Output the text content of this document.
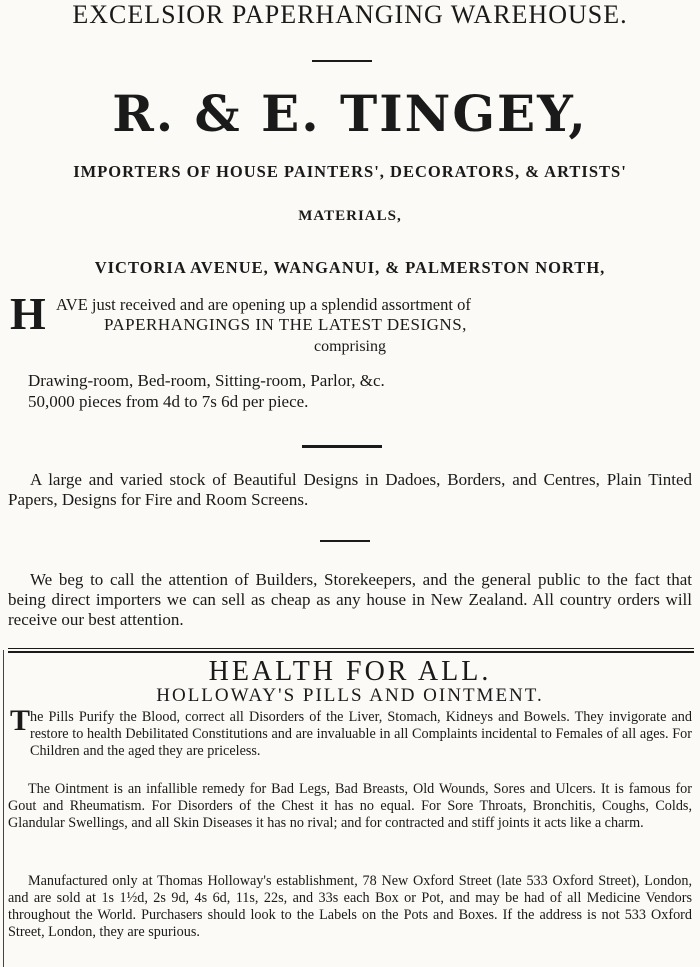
EXCELSIOR PAPERHANGING WAREHOUSE.
R. & E. TINGEY,
IMPORTERS OF HOUSE PAINTERS', DECORATORS, & ARTISTS'
MATERIALS,
VICTORIA AVENUE, WANGANUI, & PALMERSTON NORTH,
H AVE just received and are opening up a splendid assortment of
PAPERHANGINGS IN THE LATEST DESIGNS,
comprising
Drawing-room, Bed-room, Sitting-room, Parlor, &c.
50,000 pieces from 4d to 7s 6d per piece.
A large and varied stock of Beautiful Designs in Dadoes, Borders, and Centres, Plain Tinted Papers, Designs for Fire and Room Screens.
We beg to call the attention of Builders, Storekeepers, and the general public to the fact that being direct importers we can sell as cheap as any house in New Zealand. All country orders will receive our best attention.
HEALTH FOR ALL.
HOLLOWAY'S PILLS AND OINTMENT.
T he Pills Purify the Blood, correct all Disorders of the Liver, Stomach, Kidneys and Bowels. They invigorate and restore to health Debilitated Constitutions and are invaluable in all Complaints incidental to Females of all ages. For Children and the aged they are priceless.
The Ointment is an infallible remedy for Bad Legs, Bad Breasts, Old Wounds, Sores and Ulcers. It is famous for Gout and Rheumatism. For Disorders of the Chest it has no equal. For Sore Throats, Bronchitis, Coughs, Colds, Glandular Swellings, and all Skin Diseases it has no rival; and for contracted and stiff joints it acts like a charm.
Manufactured only at Thomas Holloway's establishment, 78 New Oxford Street (late 533 Oxford Street), London, and are sold at 1s 1½d, 2s 9d, 4s 6d, 11s, 22s, and 33s each Box or Pot, and may be had of all Medicine Vendors throughout the World. Purchasers should look to the Labels on the Pots and Boxes. If the address is not 533 Oxford Street, London, they are spurious.
